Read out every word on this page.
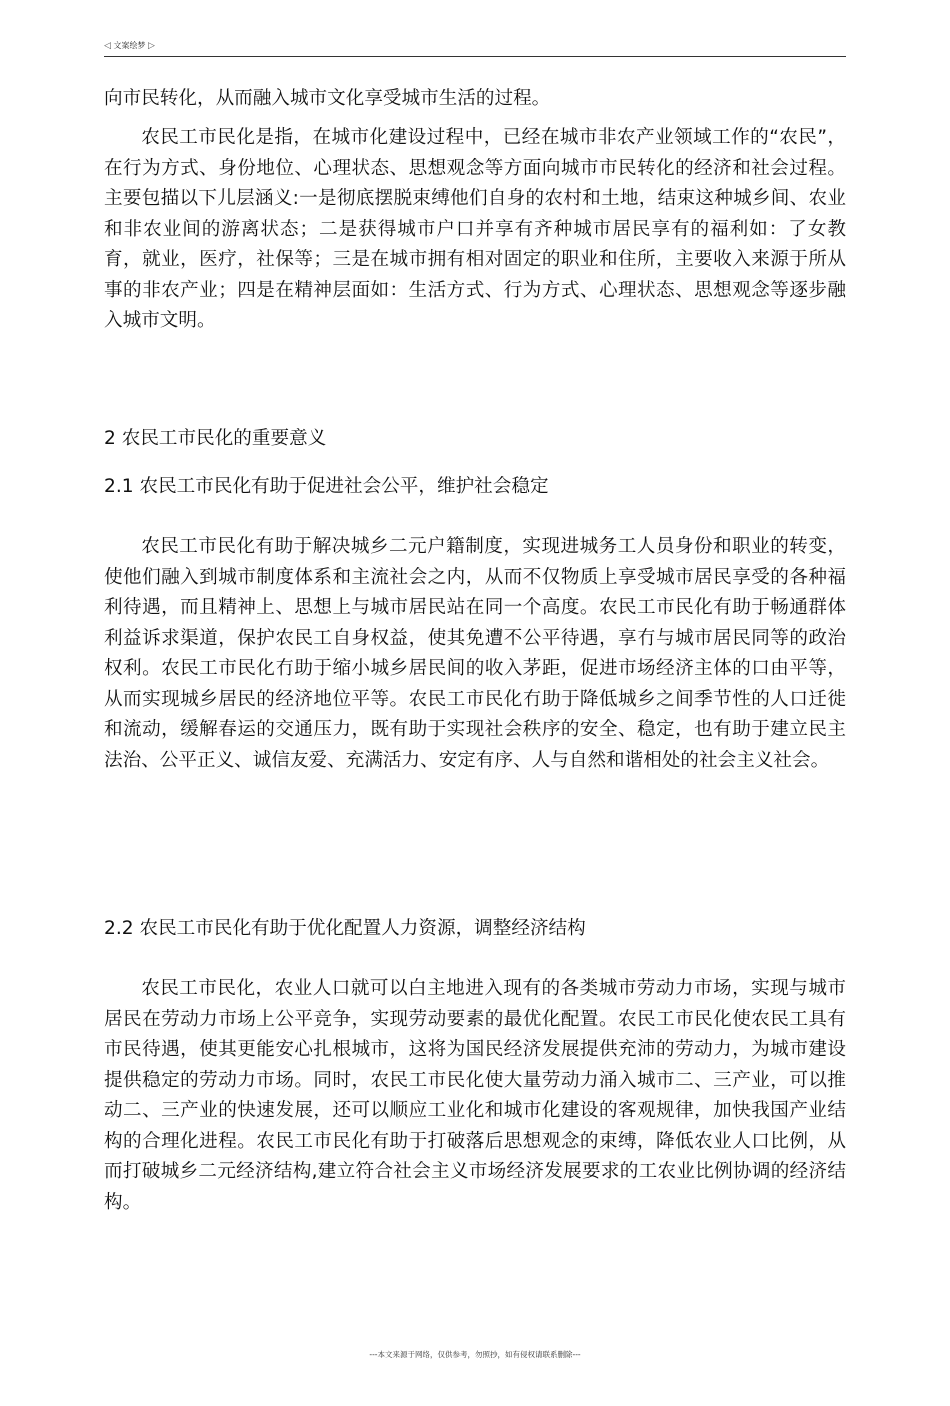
◁ 文案绘梦 ▷

向市民转化，从而融入城市文化享受城市生活的过程。

农民工市民化是指，在城市化建设过程中，已经在城市非农产业领域工作的“农民”，在行为方式、身份地位、心理状态、思想观念等方面向城市市民转化的经济和社会过程。主要包描以下儿层涵义:一是彻底摆脱束缚他们自身的农村和土地，结束这种城乡间、农业和非农业间的游离状态；二是获得城市户口并享有齐种城市居民享有的福利如：了女教育，就业，医疗，社保等；三是在城市拥有相对固定的职业和住所，主要收入来源于所从事的非农产业；四是在精神层面如：生活方式、行为方式、心理状态、思想观念等逐步融入城市文明。

2 农民工市民化的重要意义

2.1 农民工市民化有助于促进社会公平，维护社会稳定

农民工市民化有助于解决城乡二元户籍制度，实现进城务工人员身份和职业的转变，使他们融入到城市制度体系和主流社会之内，从而不仅物质上享受城市居民享受的各种福利待遇，而且精神上、思想上与城市居民站在同一个高度。农民工市民化有助于畅通群体利益诉求渠道，保护农民工自身权益，使其免遭不公平待遇，享冇与城市居民同等的政治权利。农民工市民化冇助于缩小城乡居民间的收入茅距，促进市场经济主体的口由平等，从而实现城乡居民的经济地位平等。农民工市民化冇助于降低城乡之间季节性的人口迁徙和流动，缓解春运的交通压力，既有助于实现社会秩序的安全、稳定，也有助于建立民主法治、公平正义、诚信友爱、充满活力、安定有序、人与自然和谐相处的社会主义社会。

2.2 农民工市民化有助于优化配置人力资源，调整经济结构

农民工市民化，农业人口就可以白主地进入现有的各类城市劳动力市场，实现与城市居民在劳动力市场上公平竞争，实现劳动要素的最优化配置。农民工市民化使农民工具有市民待遇，使其更能安心扎根城市，这将为国民经济发展提供充沛的劳动力，为城市建设提供稳定的劳动力市场。同时，农民工市民化使大量劳动力涌入城市二、三产业，可以推动二、三产业的快速发展，还可以顺应工业化和城市化建设的客观规律，加快我国产业结构的合理化进程。农民工市民化有助于打破落后思想观念的束缚，降低农业人口比例，从而打破城乡二元经济结构,建立符合社会主义市场经济发展要求的工农业比例协调的经济结构。

---本文来源于网络，仅供参考，勿照抄，如有侵权请联系删除---
